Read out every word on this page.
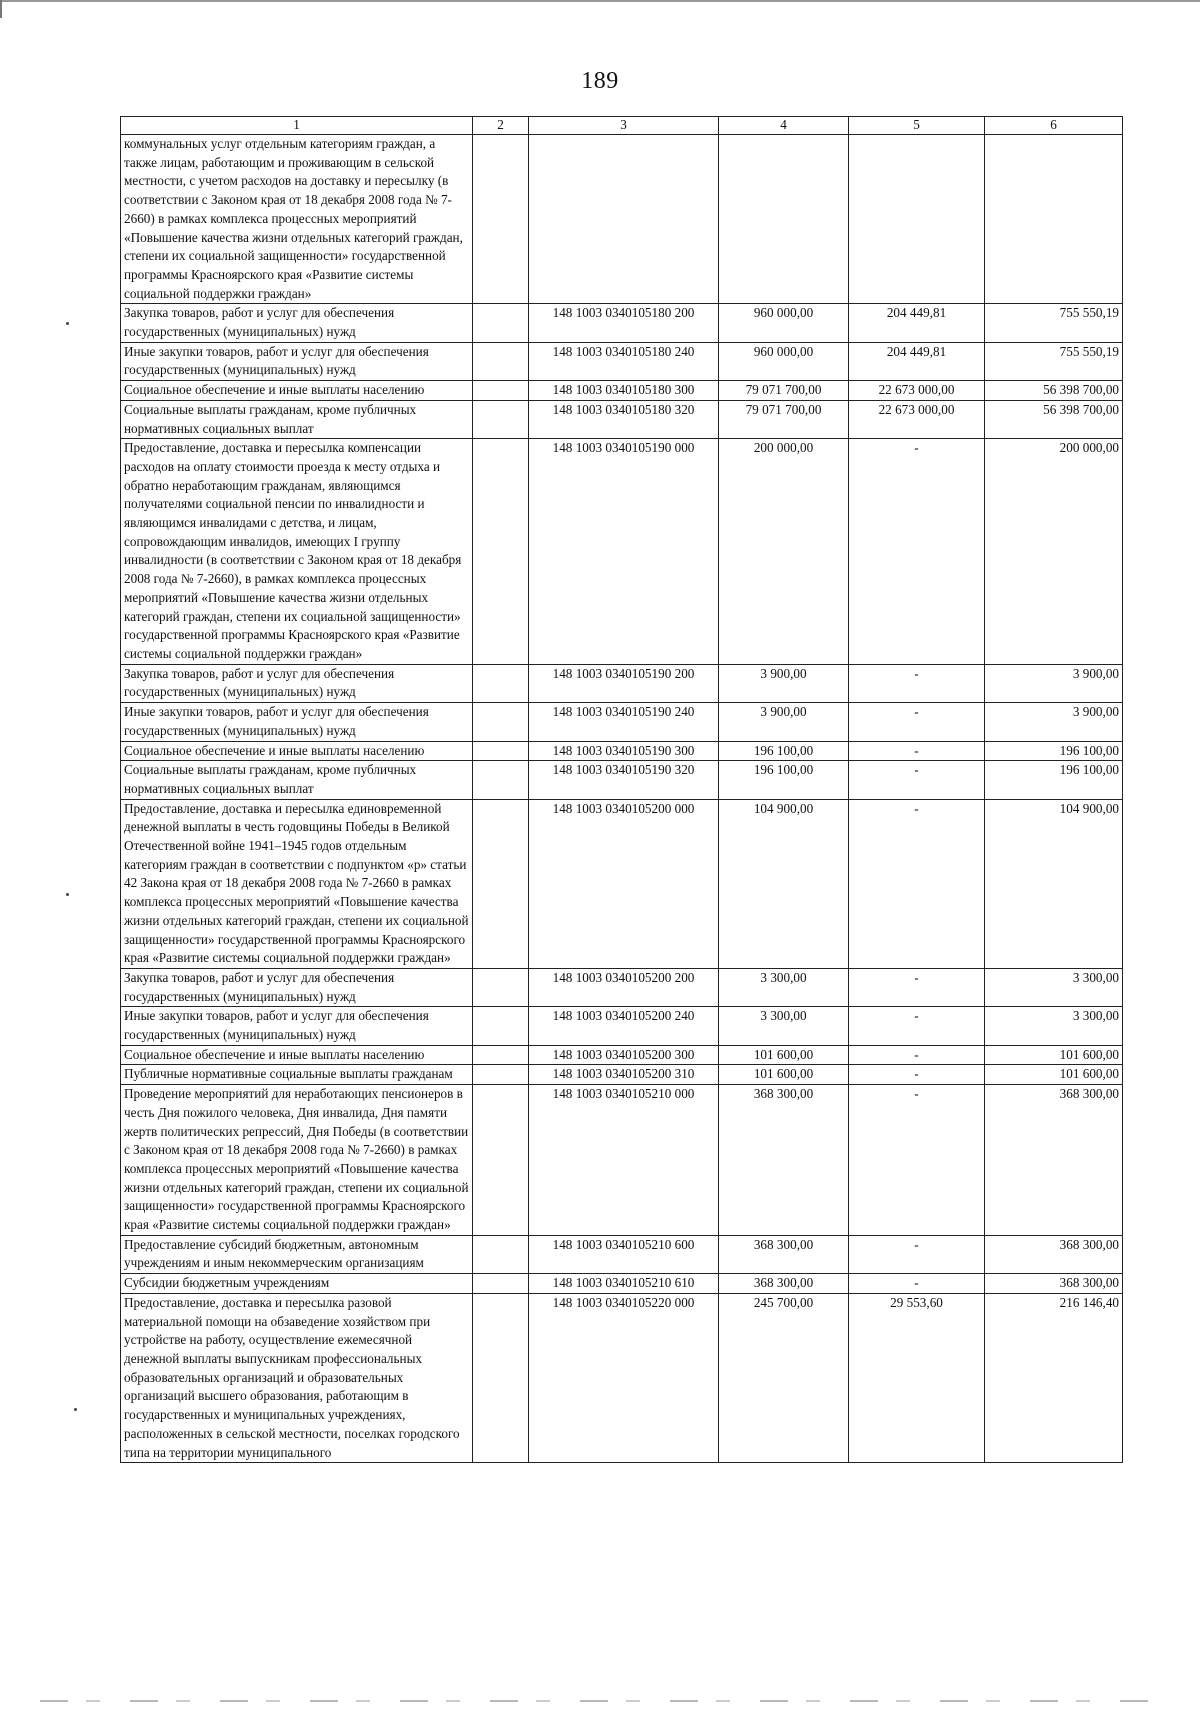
189
1	2	3	4	5	6
коммунальных услуг отдельным категориям граждан, а также лицам, работающим и проживающим в сельской местности, с учетом расходов на доставку и пересылку (в соответствии с Законом края от 18 декабря 2008 года № 7-2660) в рамках комплекса процессных мероприятий «Повышение качества жизни отдельных категорий граждан, степени их социальной защищенности» государственной программы Красноярского края «Развитие системы социальной поддержки граждан»					
Закупка товаров, работ и услуг для обеспечения государственных (муниципальных) нужд		148 1003 0340105180 200	960 000,00	204 449,81	755 550,19
Иные закупки товаров, работ и услуг для обеспечения государственных (муниципальных) нужд		148 1003 0340105180 240	960 000,00	204 449,81	755 550,19
Социальное обеспечение и иные выплаты населению		148 1003 0340105180 300	79 071 700,00	22 673 000,00	56 398 700,00
Социальные выплаты гражданам, кроме публичных нормативных социальных выплат		148 1003 0340105180 320	79 071 700,00	22 673 000,00	56 398 700,00
Предоставление, доставка и пересылка компенсации расходов на оплату стоимости проезда к месту отдыха и обратно неработающим гражданам, являющимся получателями социальной пенсии по инвалидности и являющимся инвалидами с детства, и лицам, сопровождающим инвалидов, имеющих I группу инвалидности (в соответствии с Законом края от 18 декабря 2008 года № 7-2660), в рамках комплекса процессных мероприятий «Повышение качества жизни отдельных категорий граждан, степени их социальной защищенности» государственной программы Красноярского края «Развитие системы социальной поддержки граждан»		148 1003 0340105190 000	200 000,00	-	200 000,00
Закупка товаров, работ и услуг для обеспечения государственных (муниципальных) нужд		148 1003 0340105190 200	3 900,00	-	3 900,00
Иные закупки товаров, работ и услуг для обеспечения государственных (муниципальных) нужд		148 1003 0340105190 240	3 900,00	-	3 900,00
Социальное обеспечение и иные выплаты населению		148 1003 0340105190 300	196 100,00	-	196 100,00
Социальные выплаты гражданам, кроме публичных нормативных социальных выплат		148 1003 0340105190 320	196 100,00	-	196 100,00
Предоставление, доставка и пересылка единовременной денежной выплаты в честь годовщины Победы в Великой Отечественной войне 1941–1945 годов отдельным категориям граждан в соответствии с подпунктом «р» статьи 42 Закона края от 18 декабря 2008 года № 7-2660 в рамках комплекса процессных мероприятий «Повышение качества жизни отдельных категорий граждан, степени их социальной защищенности» государственной программы Красноярского края «Развитие системы социальной поддержки граждан»		148 1003 0340105200 000	104 900,00	-	104 900,00
Закупка товаров, работ и услуг для обеспечения государственных (муниципальных) нужд		148 1003 0340105200 200	3 300,00	-	3 300,00
Иные закупки товаров, работ и услуг для обеспечения государственных (муниципальных) нужд		148 1003 0340105200 240	3 300,00	-	3 300,00
Социальное обеспечение и иные выплаты населению		148 1003 0340105200 300	101 600,00	-	101 600,00
Публичные нормативные социальные выплаты гражданам		148 1003 0340105200 310	101 600,00	-	101 600,00
Проведение мероприятий для неработающих пенсионеров в честь Дня пожилого человека, Дня инвалида, Дня памяти жертв политических репрессий, Дня Победы (в соответствии с Законом края от 18 декабря 2008 года № 7-2660) в рамках комплекса процессных мероприятий «Повышение качества жизни отдельных категорий граждан, степени их социальной защищенности» государственной программы Красноярского края «Развитие системы социальной поддержки граждан»		148 1003 0340105210 000	368 300,00	-	368 300,00
Предоставление субсидий бюджетным, автономным учреждениям и иным некоммерческим организациям		148 1003 0340105210 600	368 300,00	-	368 300,00
Субсидии бюджетным учреждениям		148 1003 0340105210 610	368 300,00	-	368 300,00
Предоставление, доставка и пересылка разовой материальной помощи на обзаведение хозяйством при устройстве на работу, осуществление ежемесячной денежной выплаты выпускникам профессиональных образовательных организаций и образовательных организаций высшего образования, работающим в государственных и муниципальных учреждениях, расположенных в сельской местности, поселках городского типа на территории муниципального		148 1003 0340105220 000	245 700,00	29 553,60	216 146,40
